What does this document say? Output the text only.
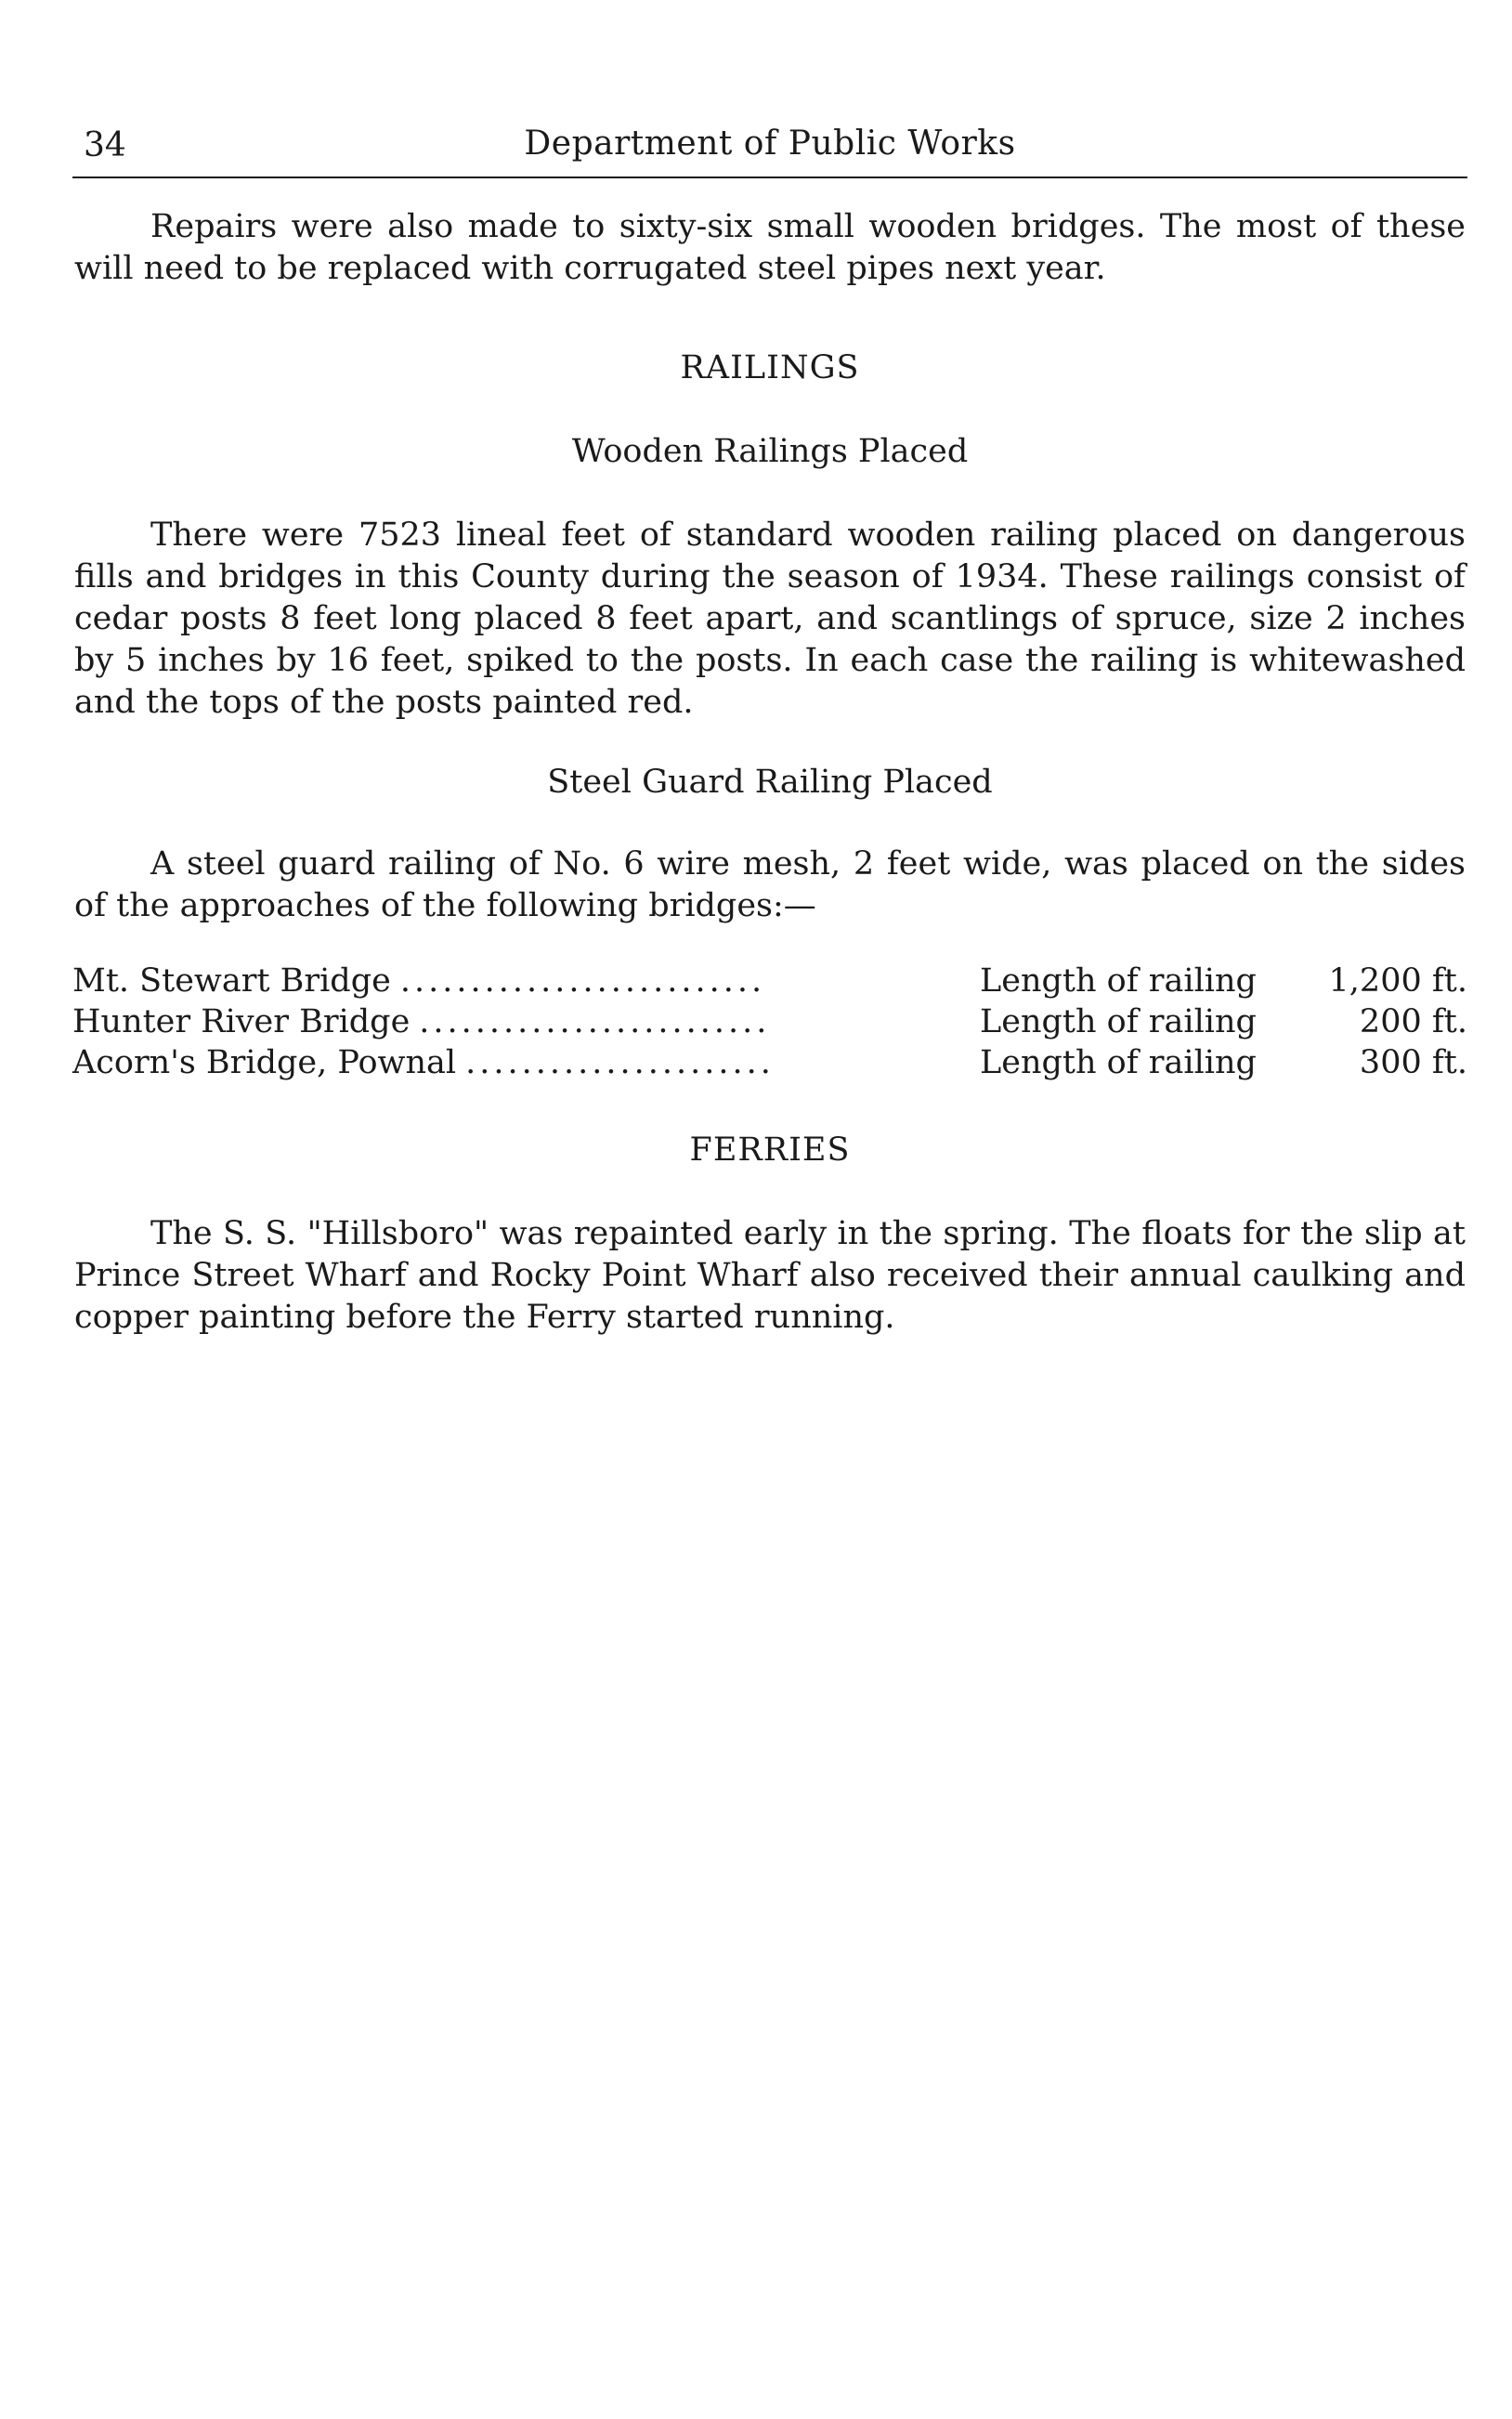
34	Department of Public Works

Repairs were also made to sixty-six small wooden bridges. The most of these will need to be replaced with corrugated steel pipes next year.

RAILINGS
Wooden Railings Placed

There were 7523 lineal feet of standard wooden railing placed on dangerous fills and bridges in this County during the season of 1934. These railings consist of cedar posts 8 feet long placed 8 feet apart, and scantlings of spruce, size 2 inches by 5 inches by 16 feet, spiked to the posts. In each case the railing is whitewashed and the tops of the posts painted red.

Steel Guard Railing Placed

A steel guard railing of No. 6 wire mesh, 2 feet wide, was placed on the sides of the approaches of the following bridges:—

Mt. Stewart Bridge ..........................	Length of railing	1,200 ft.
Hunter River Bridge .........................	Length of railing	200 ft.
Acorn's Bridge, Pownal ......................	Length of railing	300 ft.
FERRIES

The S. S. "Hillsboro" was repainted early in the spring. The floats for the slip at Prince Street Wharf and Rocky Point Wharf also received their annual caulking and copper painting before the Ferry started running.
